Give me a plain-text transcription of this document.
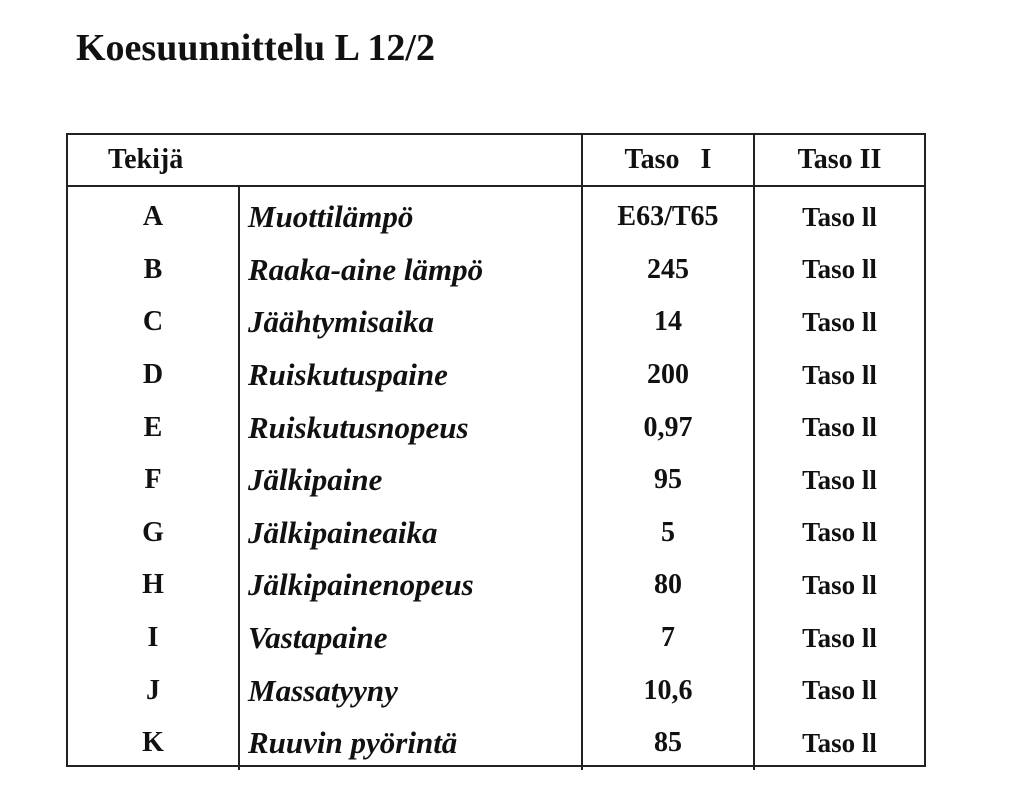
Koesuunnittelu L 12/2
Tekijä		Taso   I	Taso II
A	Muottilämpö	E63/T65	Taso ll
B	Raaka-aine lämpö	245	Taso ll
C	Jäähtymisaika	14	Taso ll
D	Ruiskutuspaine	200	Taso ll
E	Ruiskutusnopeus	0,97	Taso ll
F	Jälkipaine	95	Taso ll
G	Jälkipaineaika	5	Taso ll
H	Jälkipainenopeus	80	Taso ll
I	Vastapaine	7	Taso ll
J	Massatyyny	10,6	Taso ll
K	Ruuvin pyörintä	85	Taso ll
